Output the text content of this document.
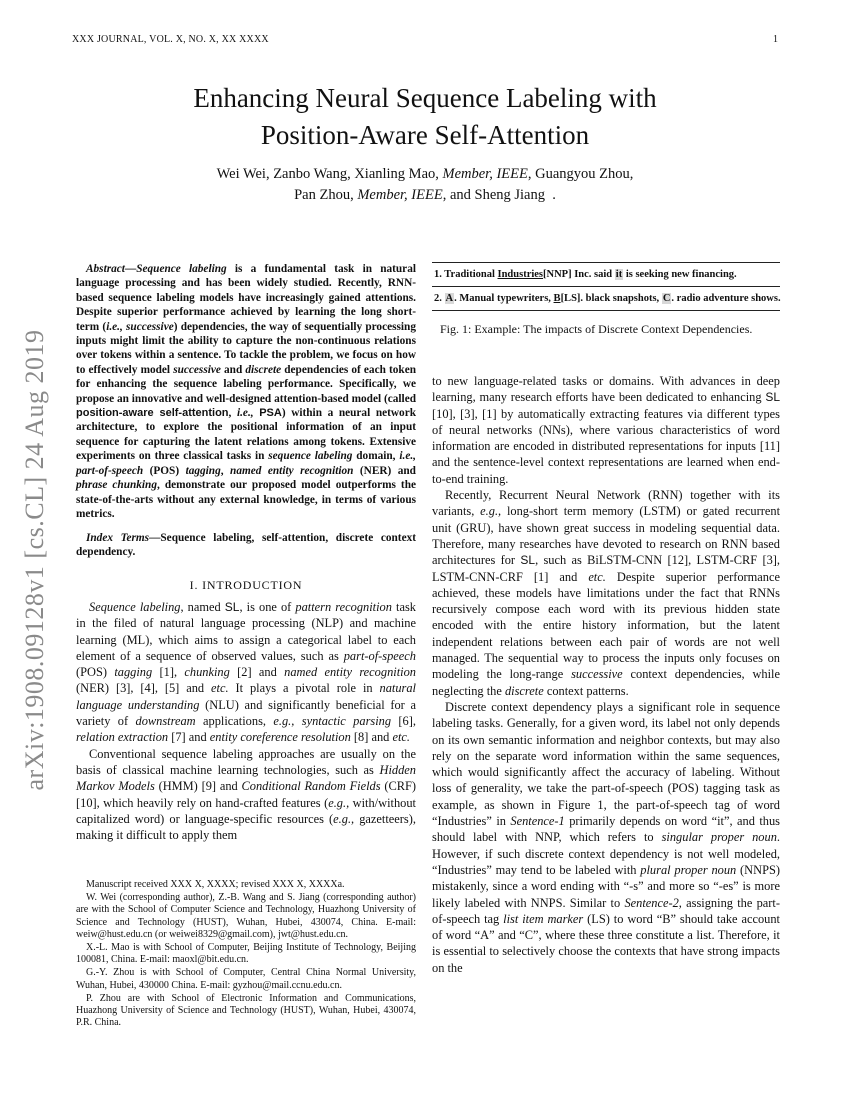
XXX JOURNAL, VOL. X, NO. X, XX XXXX	1
Enhancing Neural Sequence Labeling with
Position-Aware Self-Attention
Wei Wei, Zanbo Wang, Xianling Mao, Member, IEEE, Guangyou Zhou,
Pan Zhou, Member, IEEE, and Sheng Jiang  .
arXiv:1908.09128v1 [cs.CL] 24 Aug 2019
Abstract—Sequence labeling is a fundamental task in natural language processing and has been widely studied. Recently, RNN-based sequence labeling models have increasingly gained attentions. Despite superior performance achieved by learning the long short-term (i.e., successive) dependencies, the way of sequentially processing inputs might limit the ability to capture the non-continuous relations over tokens within a sentence. To tackle the problem, we focus on how to effectively model successive and discrete dependencies of each token for enhancing the sequence labeling performance. Specifically, we propose an innovative and well-designed attention-based model (called position-aware self-attention, i.e., PSA) within a neural network architecture, to explore the positional information of an input sequence for capturing the latent relations among tokens. Extensive experiments on three classical tasks in sequence labeling domain, i.e., part-of-speech (POS) tagging, named entity recognition (NER) and phrase chunking, demonstrate our proposed model outperforms the state-of-the-arts without any external knowledge, in terms of various metrics.
Index Terms—Sequence labeling, self-attention, discrete context dependency.
I. INTRODUCTION

Sequence labeling, named SL, is one of pattern recognition task in the filed of natural language processing (NLP) and machine learning (ML), which aims to assign a categorical label to each element of a sequence of observed values, such as part-of-speech (POS) tagging [1], chunking [2] and named entity recognition (NER) [3], [4], [5] and etc. It plays a pivotal role in natural language understanding (NLU) and significantly beneficial for a variety of downstream applications, e.g., syntactic parsing [6], relation extraction [7] and entity coreference resolution [8] and etc.

Conventional sequence labeling approaches are usually on the basis of classical machine learning technologies, such as Hidden Markov Models (HMM) [9] and Conditional Random Fields (CRF) [10], which heavily rely on hand-crafted features (e.g., with/without capitalized word) or language-specific resources (e.g., gazetteers), making it difficult to apply them

Manuscript received XXX X, XXXX; revised XXX X, XXXXa.

W. Wei (corresponding author), Z.-B. Wang and S. Jiang (corresponding author) are with the School of Computer Science and Technology, Huazhong University of Science and Technology (HUST), Wuhan, Hubei, 430074, China. E-mail: weiw@hust.edu.cn (or weiwei8329@gmail.com), jwt@hust.edu.cn.

X.-L. Mao is with School of Computer, Beijing Institute of Technology, Beijing 100081, China. E-mail: maoxl@bit.edu.cn.

G.-Y. Zhou is with School of Computer, Central China Normal University, Wuhan, Hubei, 430000 China. E-mail: gyzhou@mail.ccnu.edu.cn.

P. Zhou are with School of Electronic Information and Communications, Huazhong University of Science and Technology (HUST), Wuhan, Hubei, 430074, P.R. China.

1. Traditional Industries[NNP] Inc. said it is seeking new financing.
2. A. Manual typewriters, B[LS]. black snapshots, C. radio adventure shows.
Fig. 1: Example: The impacts of Discrete Context Dependencies.

to new language-related tasks or domains. With advances in deep learning, many research efforts have been dedicated to enhancing SL [10], [3], [1] by automatically extracting features via different types of neural networks (NNs), where various characteristics of word information are encoded in distributed representations for inputs [11] and the sentence-level context representations are learned when end-to-end training.

Recently, Recurrent Neural Network (RNN) together with its variants, e.g., long-short term memory (LSTM) or gated recurrent unit (GRU), have shown great success in modeling sequential data. Therefore, many researches have devoted to research on RNN based architectures for SL, such as BiLSTM-CNN [12], LSTM-CRF [3], LSTM-CNN-CRF [1] and etc. Despite superior performance achieved, these models have limitations under the fact that RNNs recursively compose each word with its previous hidden state encoded with the entire history information, but the latent independent relations between each pair of words are not well managed. The sequential way to process the inputs only focuses on modeling the long-range successive context dependencies, while neglecting the discrete context patterns.

Discrete context dependency plays a significant role in sequence labeling tasks. Generally, for a given word, its label not only depends on its own semantic information and neighbor contexts, but may also rely on the separate word information within the same sequences, which would significantly affect the accuracy of labeling. Without loss of generality, we take the part-of-speech (POS) tagging task as example, as shown in Figure 1, the part-of-speech tag of word “Industries” in Sentence-1 primarily depends on word “it”, and thus should label with NNP, which refers to singular proper noun. However, if such discrete context dependency is not well modeled, “Industries” may tend to be labeled with plural proper noun (NNPS) mistakenly, since a word ending with “-s” and more so “-es” is more likely labeled with NNPS. Similar to Sentence-2, assigning the part-of-speech tag list item marker (LS) to word “B” should take account of word “A” and “C”, where these three constitute a list. Therefore, it is essential to selectively choose the contexts that have strong impacts on the
